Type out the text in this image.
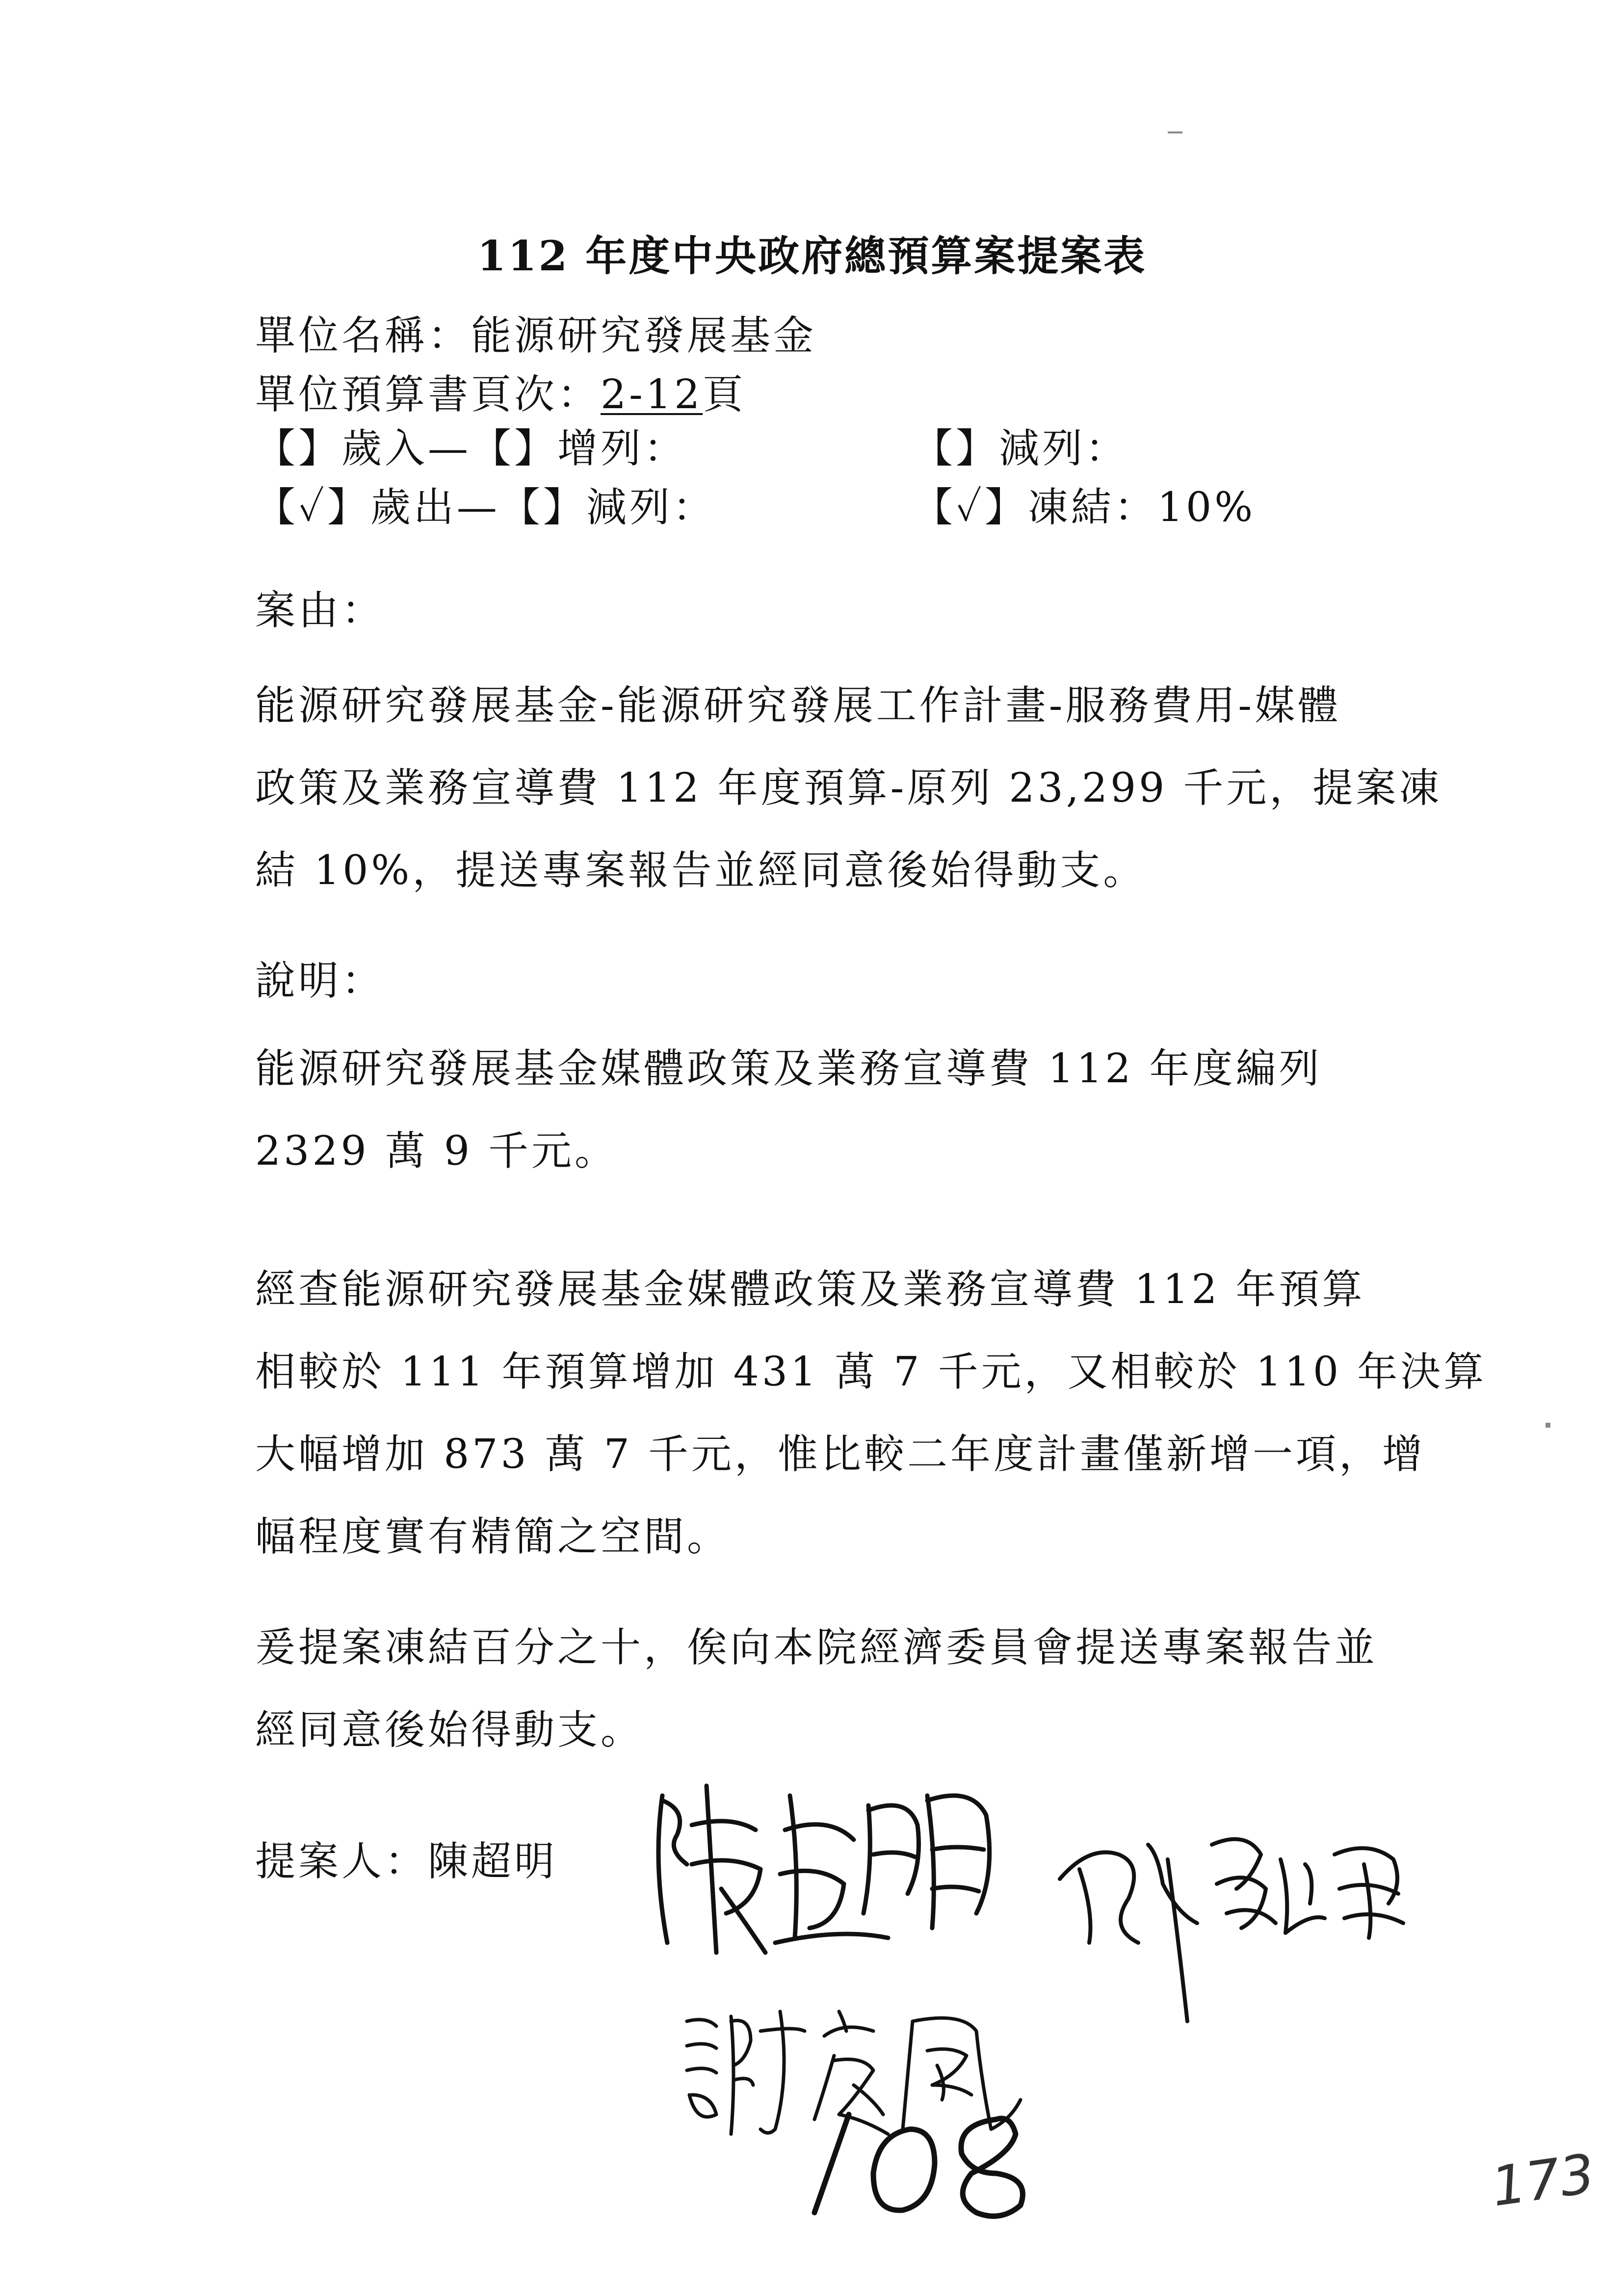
112 年度中央政府總預算案提案表
單位名稱：能源研究發展基金
單位預算書頁次：2-12頁
【】歲入—【】增列：	【】減列：
【✓】歲出—【】減列：	【✓】凍結：10%
案由：
能源研究發展基金-能源研究發展工作計畫-服務費用-媒體
政策及業務宣導費 112 年度預算-原列 23,299 千元，提案凍
結 10%，提送專案報告並經同意後始得動支。
說明：
能源研究發展基金媒體政策及業務宣導費 112 年度編列
2329 萬 9 千元。
經查能源研究發展基金媒體政策及業務宣導費 112 年預算
相較於 111 年預算增加 431 萬 7 千元，又相較於 110 年決算
大幅增加 873 萬 7 千元，惟比較二年度計畫僅新增一項，增
幅程度實有精簡之空間。
爰提案凍結百分之十，俟向本院經濟委員會提送專案報告並
經同意後始得動支。
提案人：陳超明
173
